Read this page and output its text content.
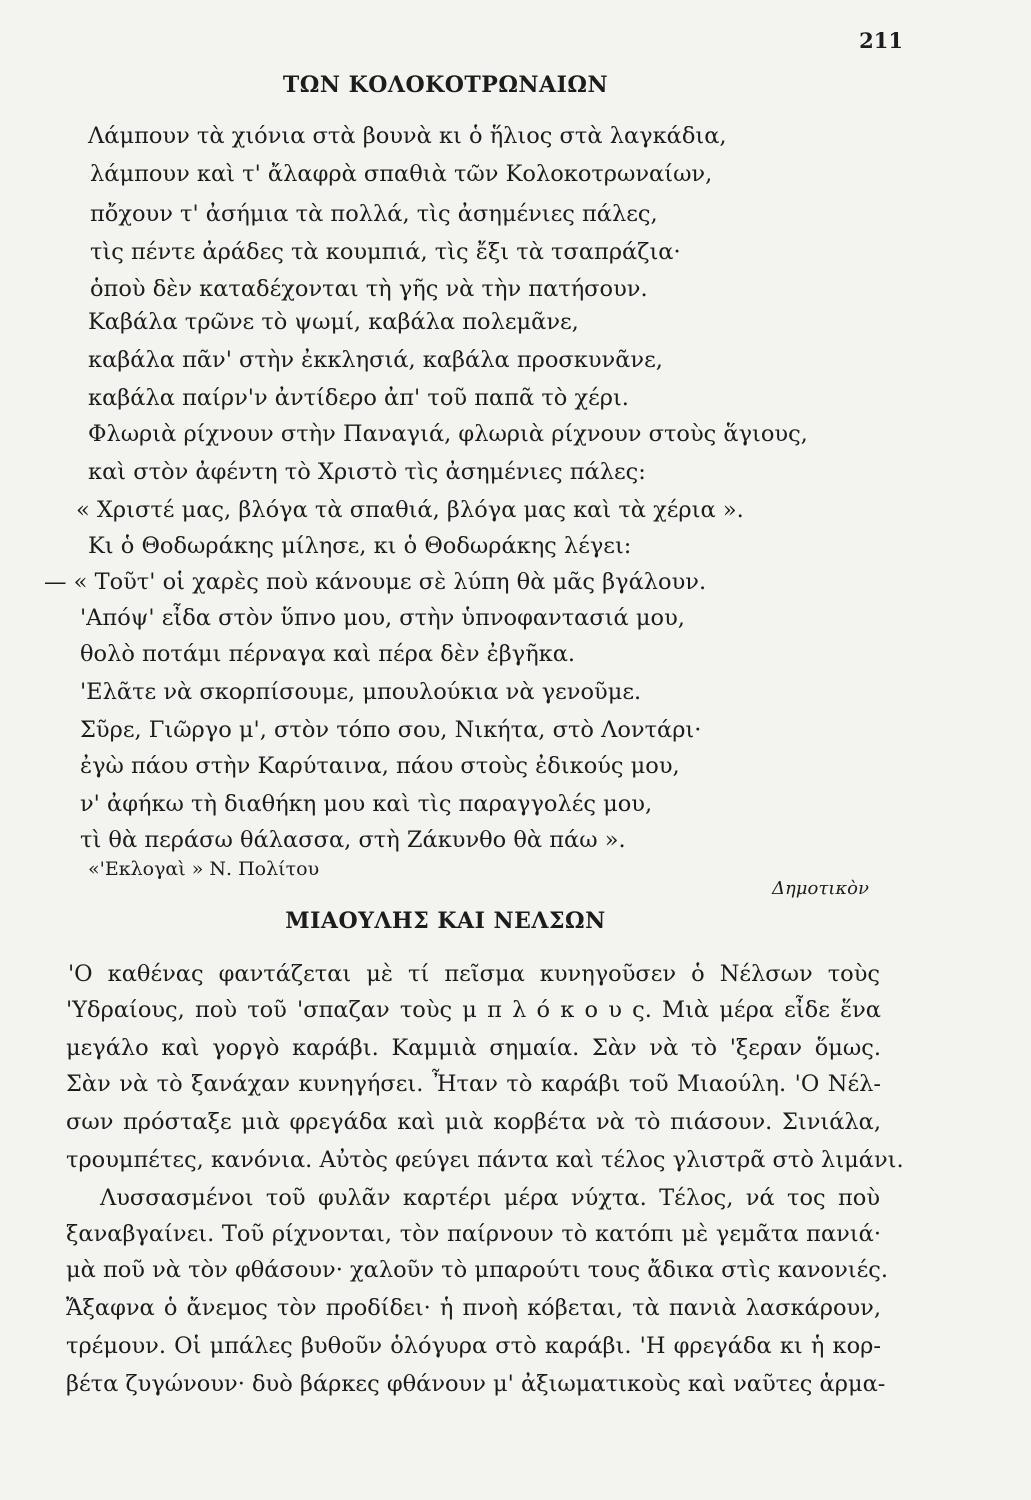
211
ΤΩΝ ΚΟΛΟΚΟΤΡΩΝΑΙΩΝ
Λάμπουν τὰ χιόνια στὰ βουνὰ κι ὁ ἥλιος στὰ λαγκάδια,
λάμπουν καὶ τ' ἄλαφρὰ σπαθιὰ τῶν Κολοκοτρωναίων,
πὄχουν τ' ἀσήμια τὰ πολλά, τὶς ἀσημένιες πάλες,
τὶς πέντε ἀράδες τὰ κουμπιά, τὶς ἔξι τὰ τσαπράζια·
ὁποὺ δὲν καταδέχονται τὴ γῆς νὰ τὴν πατήσουν.
Καβάλα τρῶνε τὸ ψωμί, καβάλα πολεμᾶνε,
καβάλα πᾶν' στὴν ἐκκλησιά, καβάλα προσκυνᾶνε,
καβάλα παίρν'ν ἀντίδερο ἀπ' τοῦ παπᾶ τὸ χέρι.
Φλωριὰ ρίχνουν στὴν Παναγιά, φλωριὰ ρίχνουν στοὺς ἅγιους,
καὶ στὸν ἀφέντη τὸ Χριστὸ τὶς ἀσημένιες πάλες:
« Χριστέ μας, βλόγα τὰ σπαθιά, βλόγα μας καὶ τὰ χέρια ».
Κι ὁ Θοδωράκης μίλησε, κι ὁ Θοδωράκης λέγει:
— « Τοῦτ' οἱ χαρὲς ποὺ κάνουμε σὲ λύπη θὰ μᾶς βγάλουν.
'Απόψ' εἶδα στὸν ὕπνο μου, στὴν ὑπνοφαντασιά μου,
θολὸ ποτάμι πέρναγα καὶ πέρα δὲν ἐβγῆκα.
'Ελᾶτε νὰ σκορπίσουμε, μπουλούκια νὰ γενοῦμε.
Σῦρε, Γιῶργο μ', στὸν τόπο σου, Νικήτα, στὸ Λοντάρι·
ἐγὼ πάου στὴν Καρύταινα, πάου στοὺς ἐδικούς μου,
ν' ἀφήκω τὴ διαθήκη μου καὶ τὶς παραγγολές μου,
τὶ θὰ περάσω θάλασσα, στὴ Ζάκυνθο θὰ πάω ».
«'Εκλογαὶ » Ν. Πολίτου
Δημοτικὸν
ΜΙΑΟΥΛΗΣ ΚΑΙ ΝΕΛΣΩΝ
'Ο καθένας φαντάζεται μὲ τί πεῖσμα κυνηγοῦσεν ὁ Νέλσων τοὺς
'Υδραίους, ποὺ τοῦ 'σπαζαν τοὺς μ π λ ό κ ο υ ς. Μιὰ μέρα εἶδε ἕνα
μεγάλο καὶ γοργὸ καράβι. Καμμιὰ σημαία. Σὰν νὰ τὸ 'ξεραν ὅμως.
Σὰν νὰ τὸ ξανάχαν κυνηγήσει. Ἦταν τὸ καράβι τοῦ Μιαούλη. 'Ο Νέλ-
σων πρόσταξε μιὰ φρεγάδα καὶ μιὰ κορβέτα νὰ τὸ πιάσουν. Σινιάλα,
τρουμπέτες, κανόνια. Αὐτὸς φεύγει πάντα καὶ τέλος γλιστρᾶ στὸ λιμάνι.
Λυσσασμένοι τοῦ φυλᾶν καρτέρι μέρα νύχτα. Τέλος, νά τος ποὺ
ξαναβγαίνει. Τοῦ ρίχνονται, τὸν παίρνουν τὸ κατόπι μὲ γεμᾶτα πανιά·
μὰ ποῦ νὰ τὸν φθάσουν· χαλοῦν τὸ μπαρούτι τους ἄδικα στὶς κανονιές.
Ἄξαφνα ὁ ἄνεμος τὸν προδίδει· ἡ πνοὴ κόβεται, τὰ πανιὰ λασκάρουν,
τρέμουν. Οἱ μπάλες βυθοῦν ὁλόγυρα στὸ καράβι. 'Η φρεγάδα κι ἡ κορ-
βέτα ζυγώνουν· δυὸ βάρκες φθάνουν μ' ἀξιωματικοὺς καὶ ναῦτες ἁρμα-
